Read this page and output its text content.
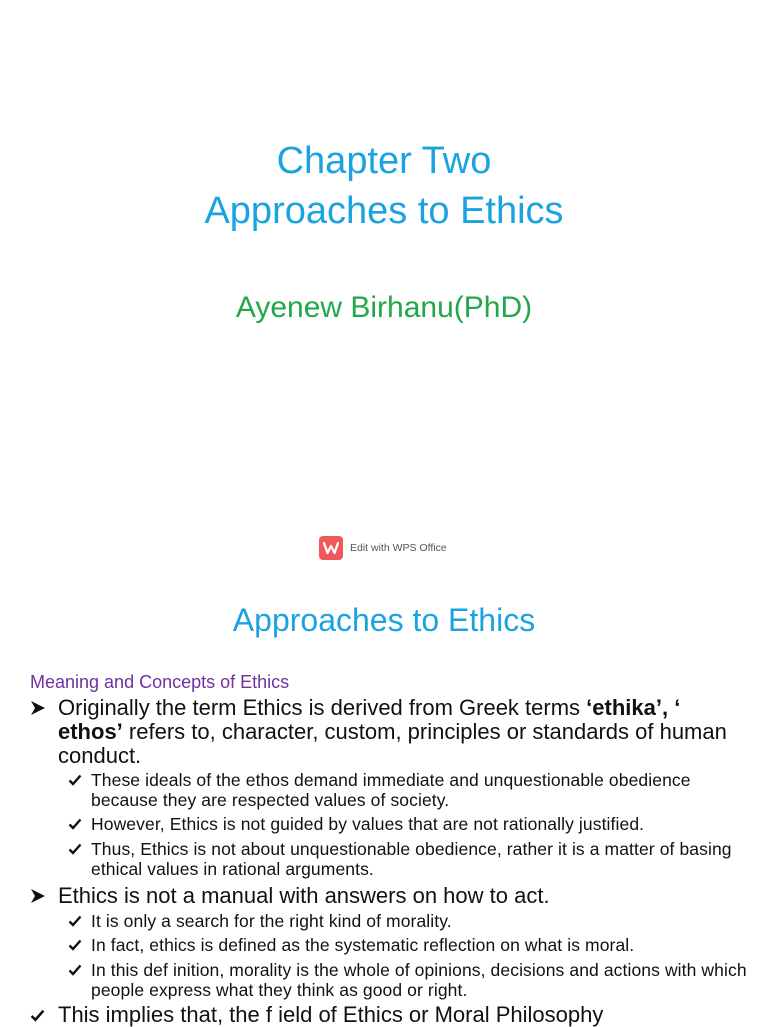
Chapter Two
Approaches to Ethics
Ayenew Birhanu(PhD)
Edit with WPS Office
Approaches to Ethics
Meaning and Concepts of Ethics
Originally the term Ethics is derived from Greek terms ‘ethika’, ‘ ethos’ refers to, character, custom, principles or standards of human conduct.
These ideals of the ethos demand immediate and unquestionable obedience because they are respected values of society.
However, Ethics is not guided by values that are not rationally justified.
Thus, Ethics is not about unquestionable obedience, rather it is a matter of basing ethical values in rational arguments.
Ethics is not a manual with answers on how to act.
It is only a search for the right kind of morality.
In fact, ethics is defined as the systematic reflection on what is moral.
In this def inition, morality is the whole of opinions, decisions and actions with which people express what they think as good or right.
This implies that, the f ield of Ethics or Moral Philosophy
